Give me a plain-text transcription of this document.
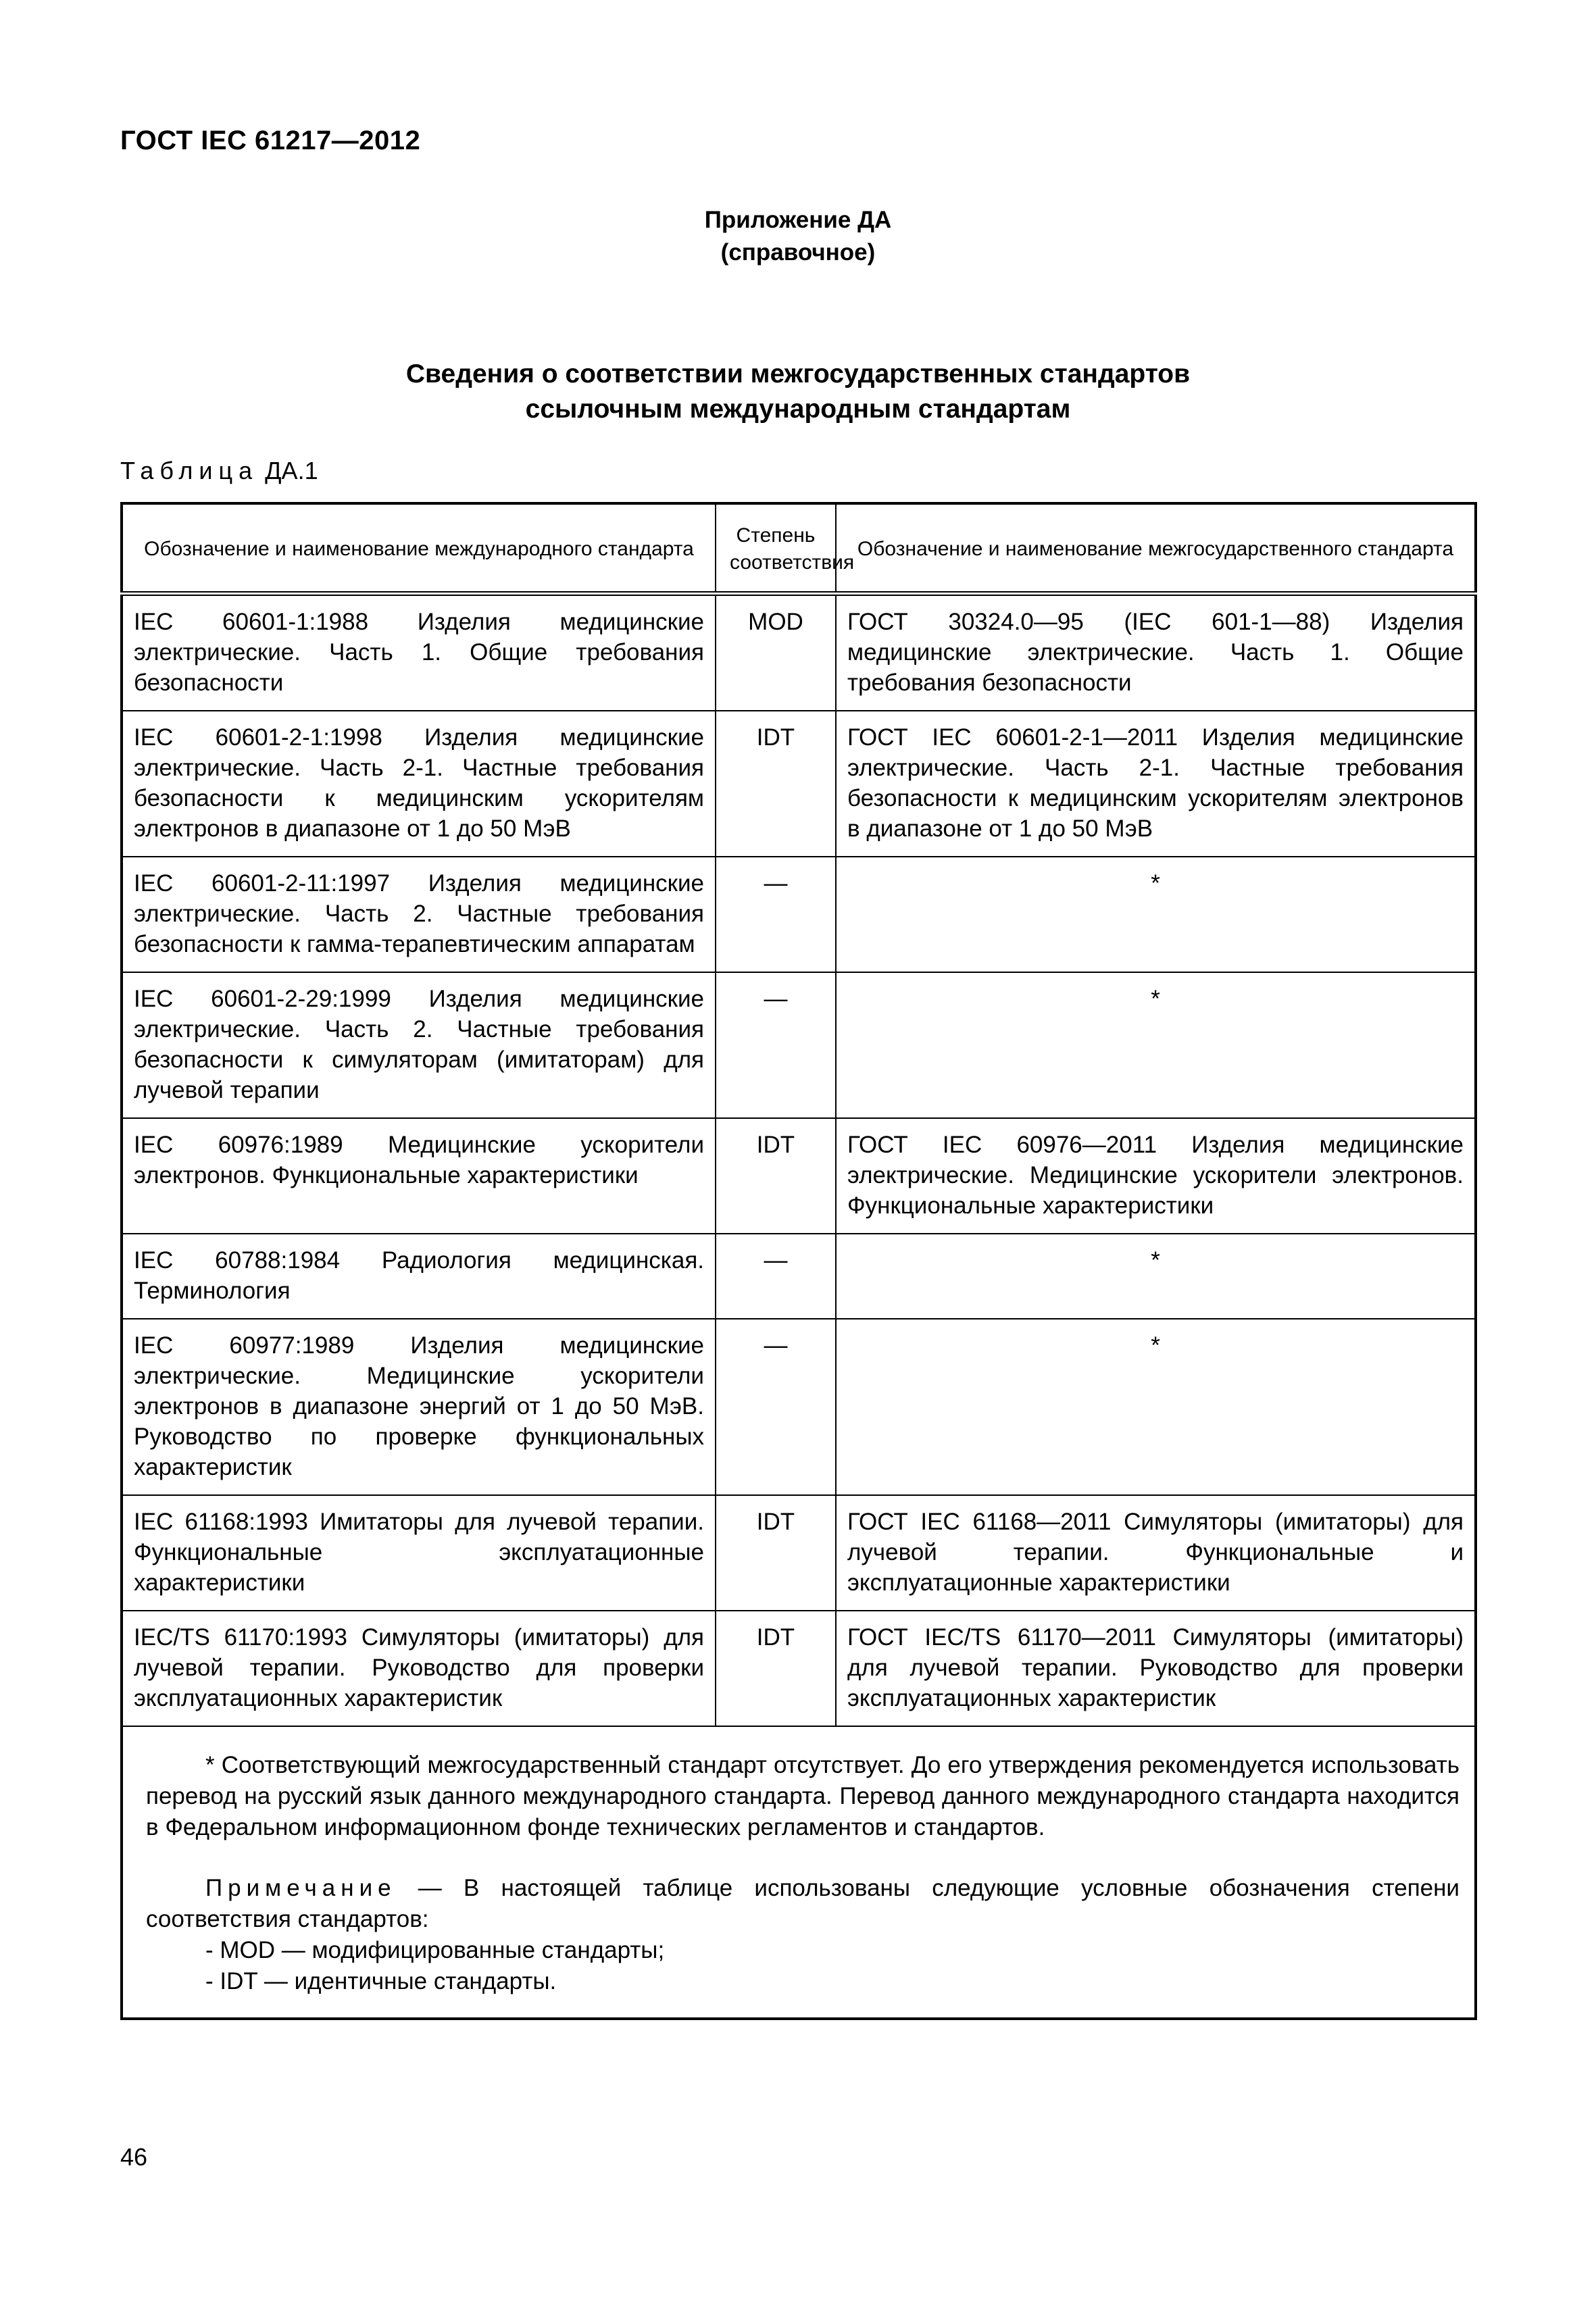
ГОСТ IEC 61217—2012
Приложение ДА
(справочное)
Сведения о соответствии межгосударственных стандартов
ссылочным международным стандартам
Таблица ДА.1
Обозначение и наименование международного стандарта	Степень соответствия	Обозначение и наименование межгосударственного стандарта
IEC 60601-1:1988 Изделия медицинские электрические. Часть 1. Общие требования безопасности	MOD	ГОСТ 30324.0—95 (IEC 601-1—88) Изделия медицинские электрические. Часть 1. Общие требования безопасности
IEC 60601-2-1:1998 Изделия медицинские электрические. Часть 2-1. Частные требования безопасности к медицинским ускорителям электронов в диапазоне от 1 до 50 МэВ	IDT	ГОСТ IEC 60601-2-1—2011 Изделия медицинские электрические. Часть 2-1. Частные требования безопасности к медицинским ускорителям электронов в диапазоне от 1 до 50 МэВ
IEC 60601-2-11:1997 Изделия медицинские электрические. Часть 2. Частные требования безопасности к гамма-терапевтическим аппаратам	—	*
IEC 60601-2-29:1999 Изделия медицинские электрические. Часть 2. Частные требования безопасности к симуляторам (имитаторам) для лучевой терапии	—	*
IEC 60976:1989 Медицинские ускорители электронов. Функциональные характеристики	IDT	ГОСТ IEC 60976—2011 Изделия медицинские электрические. Медицинские ускорители электронов. Функциональные характеристики
IEC 60788:1984 Радиология медицинская. Терминология	—	*
IEC 60977:1989 Изделия медицинские электрические. Медицинские ускорители электронов в диапазоне энергий от 1 до 50 МэВ. Руководство по проверке функциональных характеристик	—	*
IEC 61168:1993 Имитаторы для лучевой терапии. Функциональные эксплуатационные характеристики	IDT	ГОСТ IEC 61168—2011 Симуляторы (имитаторы) для лучевой терапии. Функциональные и эксплуатационные характеристики
IEC/TS 61170:1993 Симуляторы (имитаторы) для лучевой терапии. Руководство для проверки эксплуатационных характеристик	IDT	ГОСТ IEC/TS 61170—2011 Симуляторы (имитаторы) для лучевой терапии. Руководство для проверки эксплуатационных характеристик

* Соответствующий межгосударственный стандарт отсутствует. До его утверждения рекомендуется использовать перевод на русский язык данного международного стандарта. Перевод данного международного стандарта находится в Федеральном информационном фонде технических регламентов и стандартов.

Примечание — В настоящей таблице использованы следующие условные обозначения степени соответствия стандартов:

- MOD — модифицированные стандарты;

- IDT — идентичные стандарты.		

46
